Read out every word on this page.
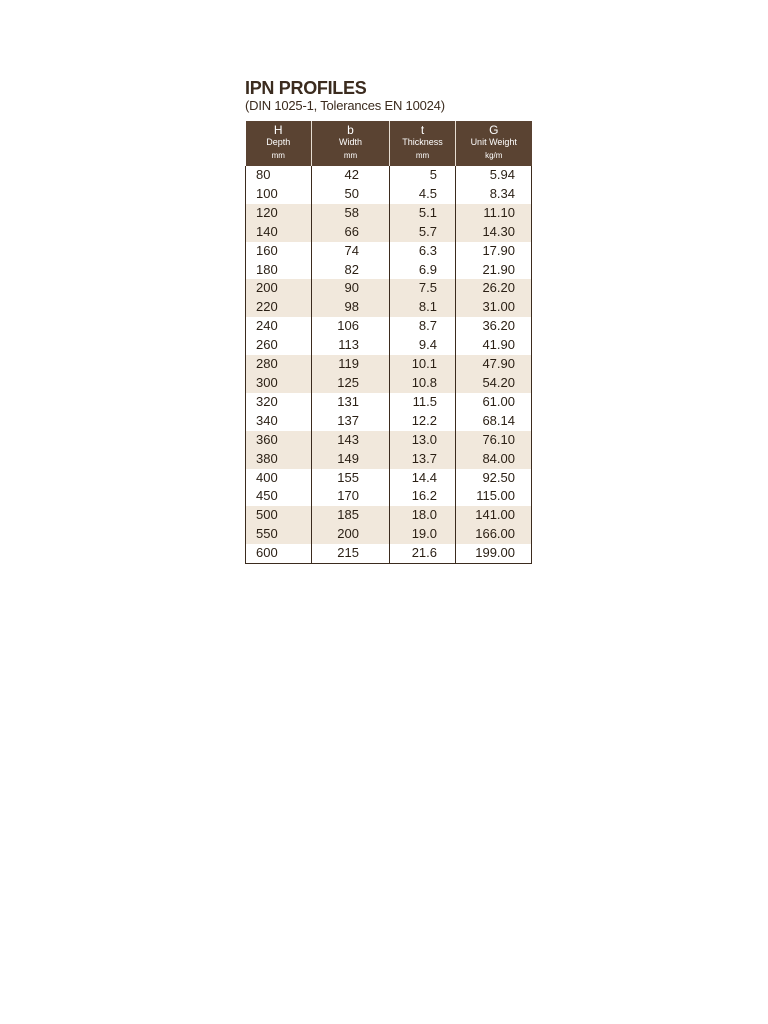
IPN PROFILES
(DIN 1025-1, Tolerances EN 10024)
H
Depth
mm	b
Width
mm	t
Thickness
mm	G
Unit Weight
kg/m

80	42	5	5.94
100	50	4.5	8.34
120	58	5.1	11.10
140	66	5.7	14.30
160	74	6.3	17.90
180	82	6.9	21.90
200	90	7.5	26.20
220	98	8.1	31.00
240	106	8.7	36.20
260	113	9.4	41.90
280	119	10.1	47.90
300	125	10.8	54.20
320	131	11.5	61.00
340	137	12.2	68.14
360	143	13.0	76.10
380	149	13.7	84.00
400	155	14.4	92.50
450	170	16.2	115.00
500	185	18.0	141.00
550	200	19.0	166.00
600	215	21.6	199.00
